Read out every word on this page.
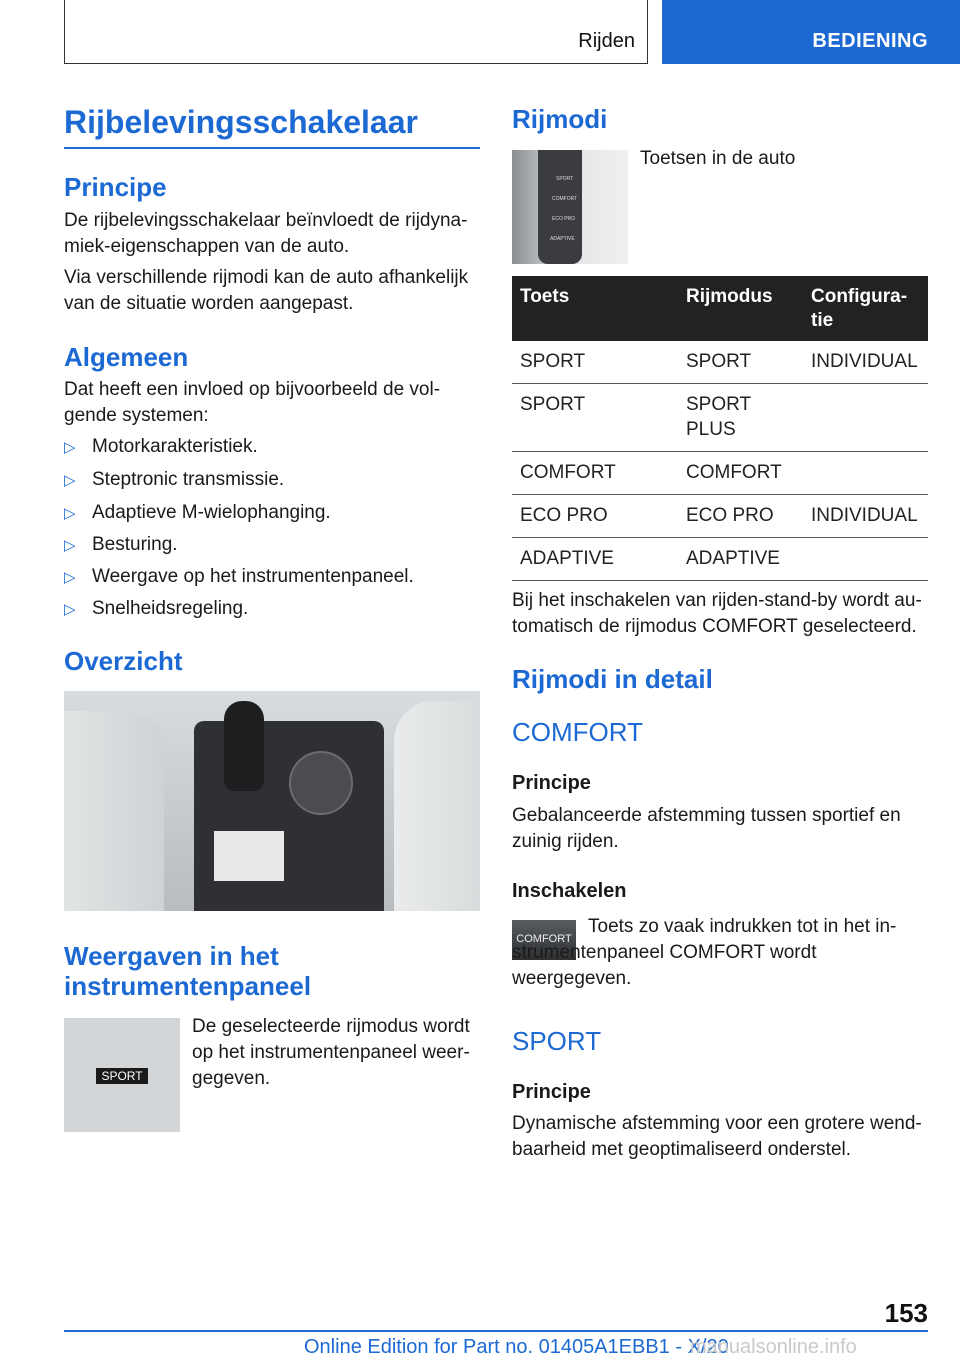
Rijden	BEDIENING
Rijbelevingsschakelaar
Principe

De rijbelevingsschakelaar beïnvloedt de rijdyna-miek-eigenschappen van de auto.

Via verschillende rijmodi kan de auto afhankelijk van de situatie worden aangepast.

Algemeen

Dat heeft een invloed op bijvoorbeeld de vol-gende systemen:

▷ Motorkarakteristiek.
▷ Steptronic transmissie.
▷ Adaptieve M-wielophanging.
▷ Besturing.
▷ Weergave op het instrumentenpaneel.
▷ Snelheidsregeling.
Overzicht
Weergaven in het
instrumentenpaneel
SPORT

De geselecteerde rijmodus wordt op het instrumentenpaneel weer-gegeven.

Rijmodi
SPORT
COMFORT
ECO PRO
ADAPTIVE

Toetsen in de auto

Toets	Rijmodus	Configura-tie
SPORT	SPORT	INDIVIDUAL
SPORT	SPORT PLUS	
COMFORT	COMFORT	
ECO PRO	ECO PRO	INDIVIDUAL
ADAPTIVE	ADAPTIVE	

Bij het inschakelen van rijden-stand-by wordt au-tomatisch de rijmodus COMFORT geselecteerd.

Rijmodi in detail
COMFORT
Principe

Gebalanceerde afstemming tussen sportief en zuinig rijden.

Inschakelen
COMFORT

Toets zo vaak indrukken tot in het in-strumentenpaneel COMFORT wordt weergegeven.

SPORT
Principe

Dynamische afstemming voor een grotere wend-baarheid met geoptimaliseerd onderstel.

153
Online Edition for Part no. 01405A1EBB1 - X/20
manualsonline.info
